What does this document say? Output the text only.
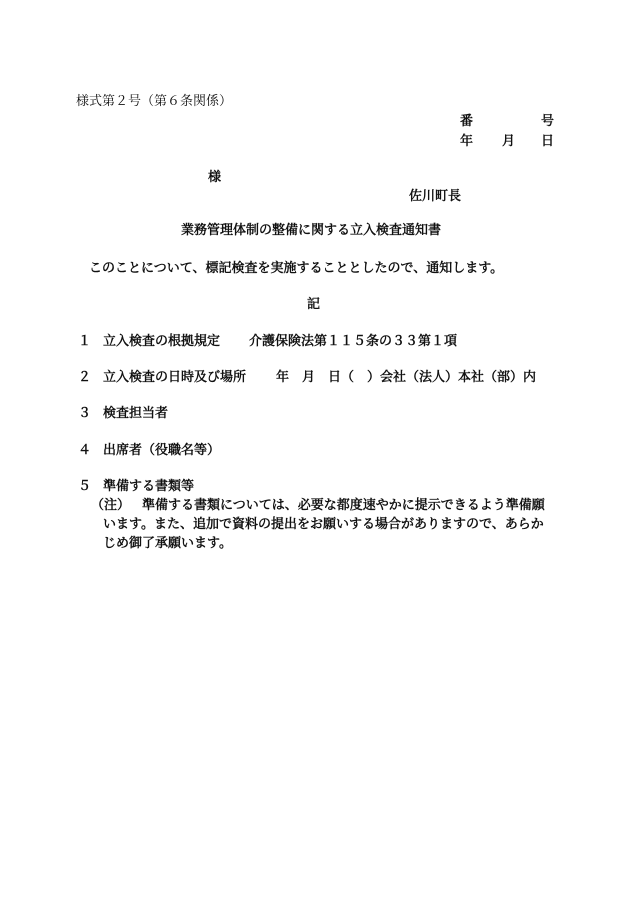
様式第２号（第６条関係）
番	号
年 月 日
様
佐川町長
業務管理体制の整備に関する立入検査通知書
このことについて、標記検査を実施することとしたので、通知します。
記
１ 立入検査の根拠規定 介護保険法第１１５条の３３第１項
２ 立入検査の日時及び場所 年　月　日（　）会社（法人）本社（部）内
３ 検査担当者
４ 出席者（役職名等）
５ 準備する書類等
（注） 準備する書類については、必要な都度速やかに提示できるよう準備願
います。また、追加で資料の提出をお願いする場合がありますので、あらか
じめ御了承願います。
